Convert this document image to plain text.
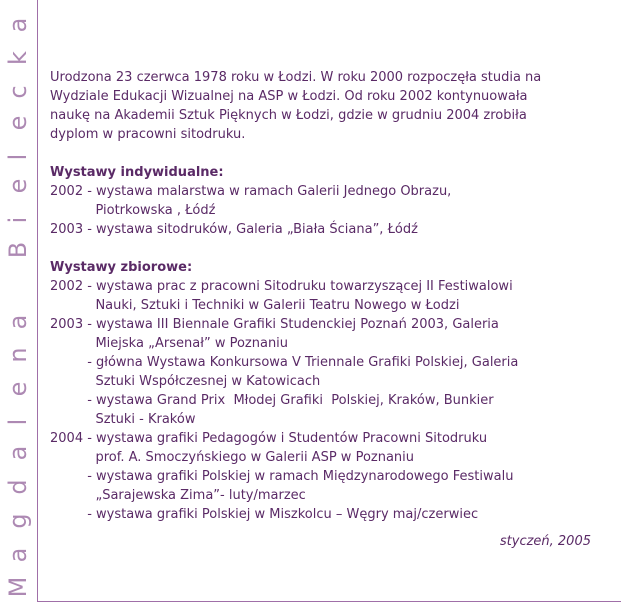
M
a
g
d
a
l
e
n
a
B
i
e
l
e
c
k
a

Urodzona 23 czerwca 1978 roku w Łodzi. W roku 2000 rozpoczęła studia na
Wydziale Edukacji Wizualnej na ASP w Łodzi. Od roku 2002 kontynuowała
naukę na Akademii Sztuk Pięknych w Łodzi, gdzie w grudniu 2004 zrobiła
dyplom w pracowni sitodruku.

Wystawy indywidualne:

2002 - wystawa malarstwa w ramach Galerii Jednego Obrazu,

Piotrkowska , Łódź

2003 - wystawa sitodruków, Galeria „Biała Ściana”, Łódź

Wystawy zbiorowe:

2002 - wystawa prac z pracowni Sitodruku towarzyszącej II Festiwalowi

Nauki, Sztuki i Techniki w Galerii Teatru Nowego w Łodzi

2003 - wystawa III Biennale Grafiki Studenckiej Poznań 2003, Galeria

Miejska „Arsenał” w Poznaniu

- główna Wystawa Konkursowa V Triennale Grafiki Polskiej, Galeria

Sztuki Współczesnej w Katowicach

- wystawa Grand Prix  Młodej Grafiki  Polskiej, Kraków, Bunkier

Sztuki - Kraków

2004 - wystawa grafiki Pedagogów i Studentów Pracowni Sitodruku

prof. A. Smoczyńskiego w Galerii ASP w Poznaniu

- wystawa grafiki Polskiej w ramach Międzynarodowego Festiwalu

„Sarajewska Zima”- luty/marzec

- wystawa grafiki Polskiej w Miszkolcu – Węgry maj/czerwiec

styczeń, 2005
